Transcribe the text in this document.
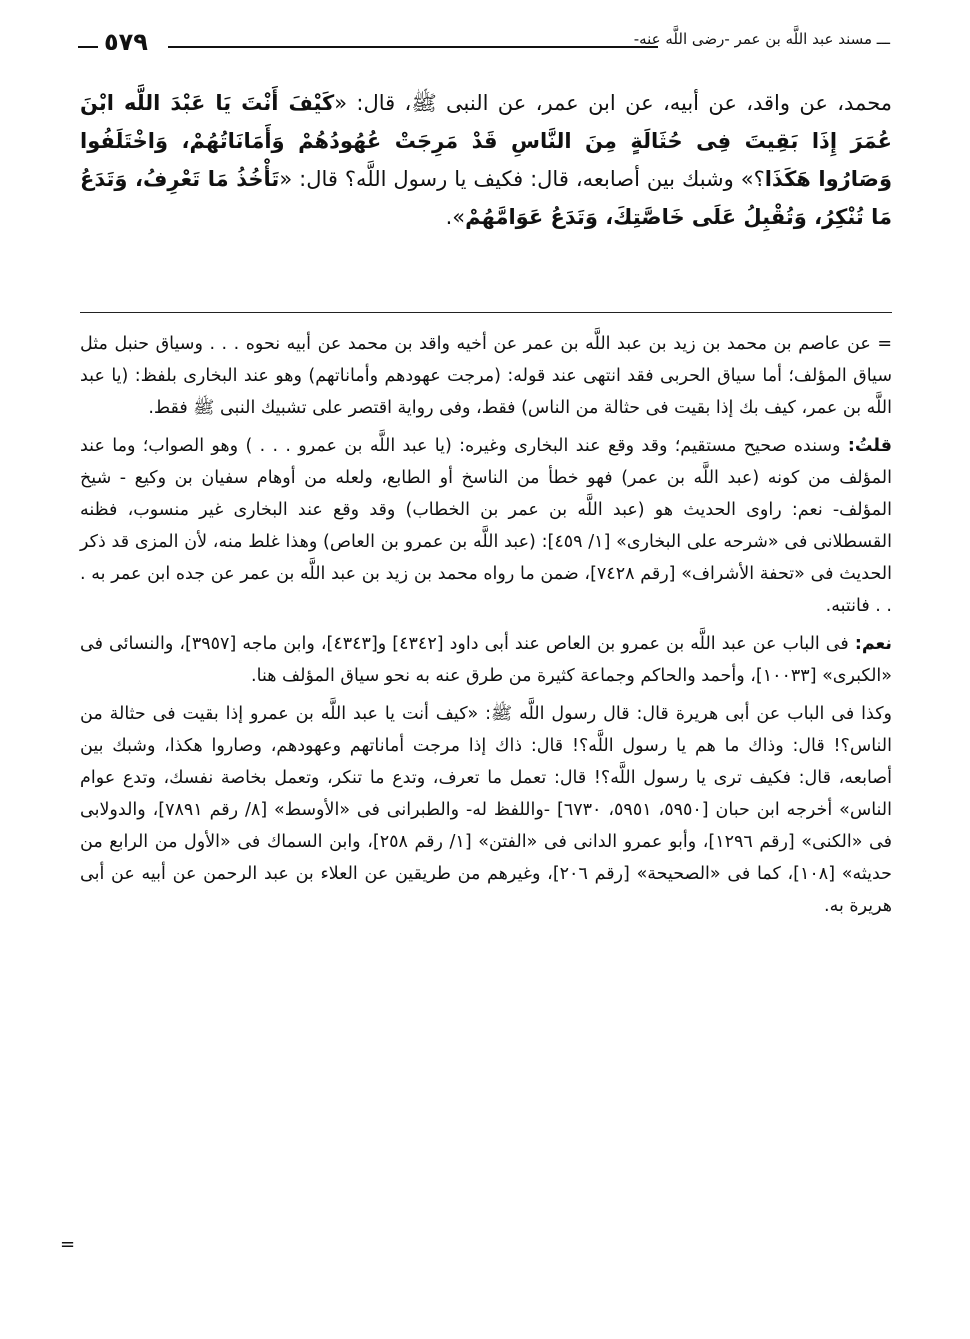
ـــ مسند عبد اللَّه بن عمر -رضى اللَّه عنه-
٥٧٩
محمد، عن واقد، عن أبيه، عن ابن عمر، عن النبى ﷺ، قال: «كَيْفَ أَنْتَ يَا عَبْدَ اللَّه ابْنَ عُمَرَ إِذَا بَقِيتَ فِى حُثَالَةٍ مِنَ النَّاسِ قَدْ مَرِجَتْ عُهُودُهُمْ وَأَمَانَاتُهُمْ، وَاخْتَلَفُوا وَصَارُوا هَكَذَا؟» وشبك بين أصابعه، قال: فكيف يا رسول اللَّه؟ قال: «تَأْخُذُ مَا تَعْرِفُ، وَتَدَعُ مَا تُنْكِرُ، وَتُقْبِلُ عَلَى خَاصَّتِكَ، وَتَدَعُ عَوَامَّهُمْ».

= عن عاصم بن محمد بن زيد بن عبد اللَّه بن عمر عن أخيه واقد بن محمد عن أبيه نحوه . . . وسياق حنبل مثل سياق المؤلف؛ أما سياق الحربى فقد انتهى عند قوله: (مرجت عهودهم وأماناتهم) وهو عند البخارى بلفظ: (يا عبد اللَّه بن عمر، كيف بك إذا بقيت فى حثالة من الناس) فقط، وفى رواية اقتصر على تشبيك النبى ﷺ فقط.

قلتُ: وسنده صحيح مستقيم؛ وقد وقع عند البخارى وغيره: (يا عبد اللَّه بن عمرو . . . ) وهو الصواب؛ وما عند المؤلف من كونه (عبد اللَّه بن عمر) فهو خطأ من الناسخ أو الطابع، ولعله من أوهام سفيان بن وكيع - شيخ المؤلف- نعم: راوى الحديث هو (عبد اللَّه بن عمر بن الخطاب) وقد وقع عند البخارى غير منسوب، فظنه القسطلانى فى «شرحه على البخارى» [١/ ٤٥٩]: (عبد اللَّه بن عمرو بن العاص) وهذا غلط منه، لأن المزى قد ذكر الحديث فى «تحفة الأشراف» [رقم ٧٤٢٨]، ضمن ما رواه محمد بن زيد بن عبد اللَّه بن عمر عن جده ابن عمر به . . . فانتبه.

نعم: فى الباب عن عبد اللَّه بن عمرو بن العاص عند أبى داود [٤٣٤٢] و[٤٣٤٣]، وابن ماجه [٣٩٥٧]، والنسائى فى «الكبرى» [١٠٠٣٣]، وأحمد والحاكم وجماعة كثيرة من طرق عنه به نحو سياق المؤلف هنا.

وكذا فى الباب عن أبى هريرة قال: قال رسول اللَّه ﷺ: «كيف أنت يا عبد اللَّه بن عمرو إذا بقيت فى حثالة من الناس؟! قال: وذاك ما هم يا رسول اللَّه؟! قال: ذاك إذا مرجت أماناتهم وعهودهم، وصاروا هكذا، وشبك بين أصابعه، قال: فكيف ترى يا رسول اللَّه؟! قال: تعمل ما تعرف، وتدع ما تنكر، وتعمل بخاصة نفسك، وتدع عوام الناس» أخرجه ابن حبان [٥٩٥٠، ٥٩٥١، ٦٧٣٠] -واللفظ له- والطبرانى فى «الأوسط» [٨/ رقم ٧٨٩١]، والدولابى فى «الكنى» [رقم ١٢٩٦]، وأبو عمرو الدانى فى «الفتن» [١/ رقم ٢٥٨]، وابن السماك فى «الأول من الرابع من حديثه» [١٠٨]، كما فى «الصحيحة» [رقم ٢٠٦]، وغيرهم من طريقين عن العلاء بن عبد الرحمن عن أبيه عن أبى هريرة به.

=
